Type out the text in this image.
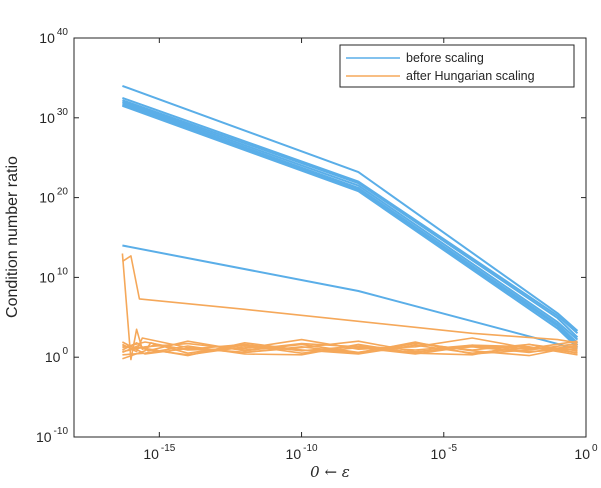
10 $^{-10}$
10 $^0$
10 $^{10}$
10 $^{20}$
10 $^{30}$
10 $^{40}$
10 $^{-15}$	10 $^{-10}$	10 $^{-5}$	10 $^0$
Condition number ratio
0 ← ε
before scaling
after Hungarian scaling
